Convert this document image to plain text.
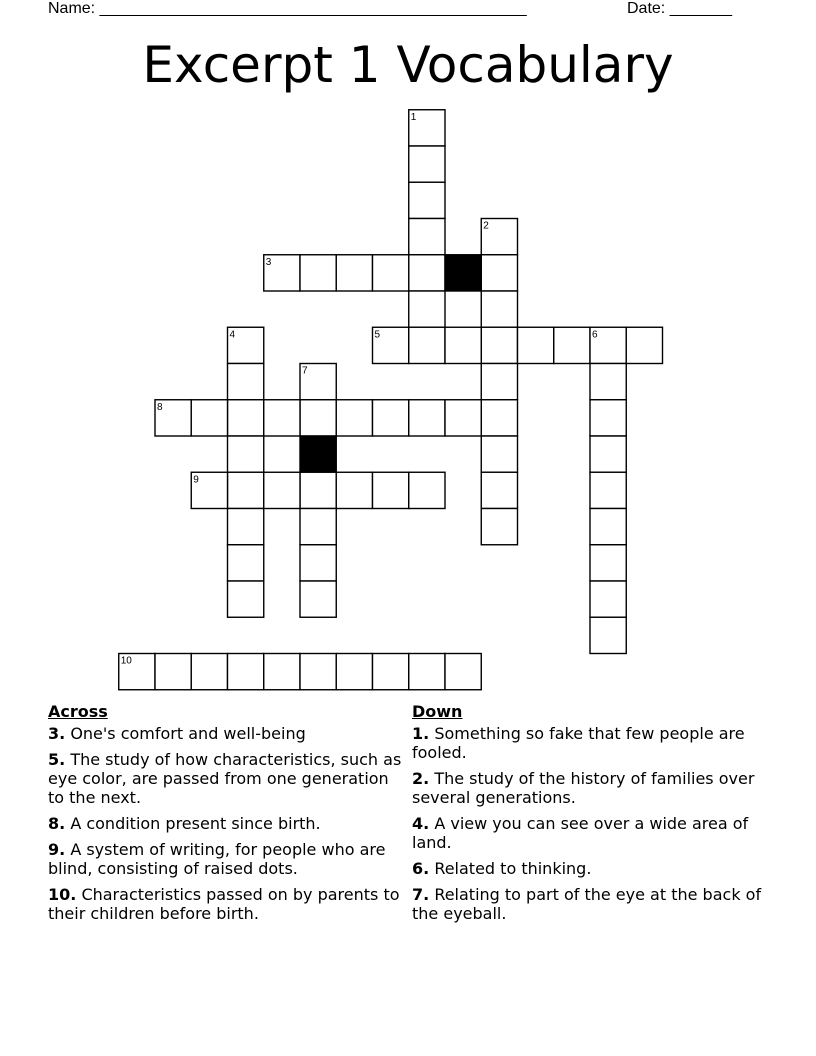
Name: ________________________________________________	Date: _______
Excerpt 1 Vocabulary
1
2
3
4	5	6
7
8
9
10
Across
3. One's comfort and well-being
5. The study of how characteristics, such as eye color, are passed from one generation to the next.
8. A condition present since birth.
9. A system of writing, for people who are blind, consisting of raised dots.
10. Characteristics passed on by parents to their children before birth.
Down
1. Something so fake that few people are fooled.
2. The study of the history of families over several generations.
4. A view you can see over a wide area of land.
6. Related to thinking.
7. Relating to part of the eye at the back of the eyeball.
